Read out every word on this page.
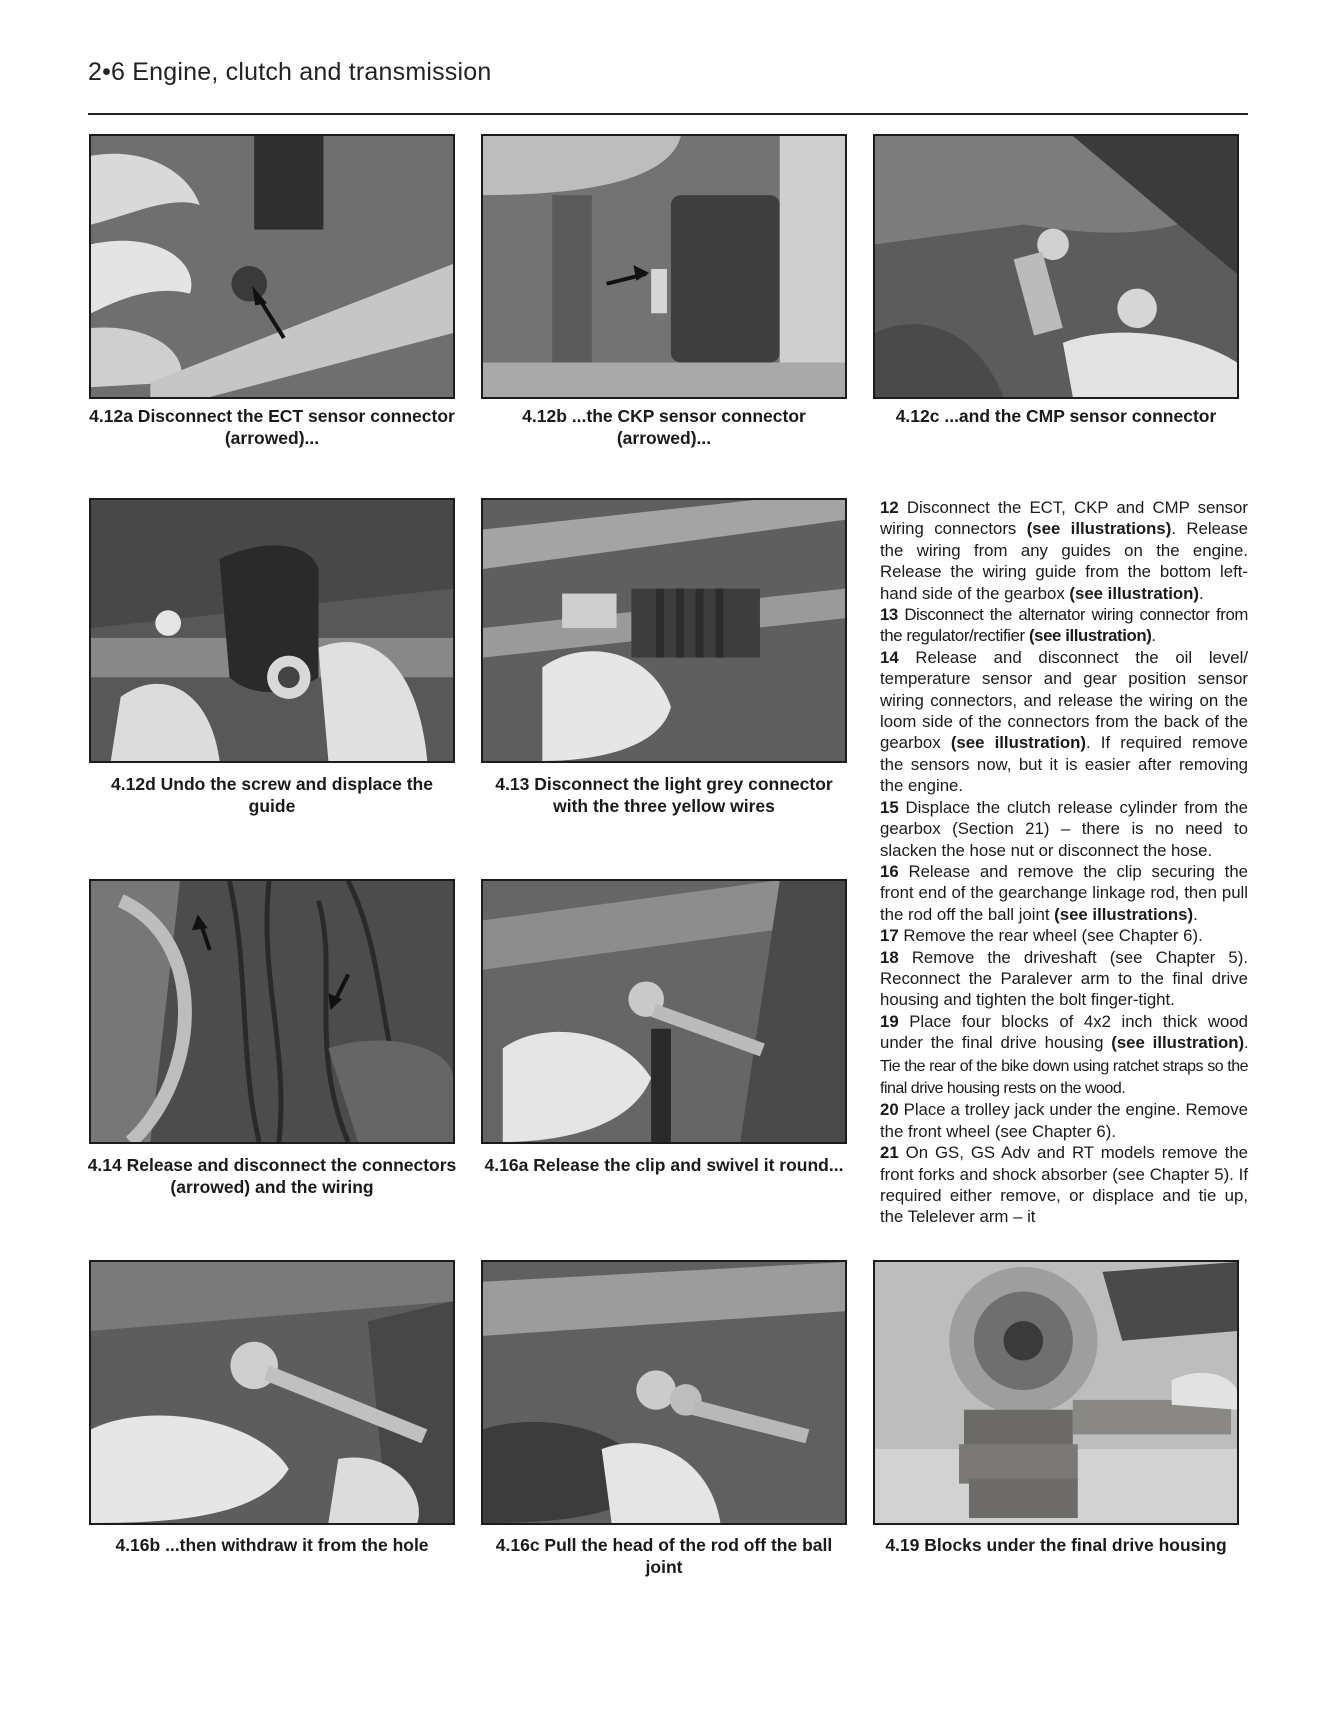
2•6 Engine, clutch and transmission
4.12a Disconnect the ECT sensor connector (arrowed)...
4.12b ...the CKP sensor connector (arrowed)...
4.12c ...and the CMP sensor connector
4.12d Undo the screw and displace the guide
4.13 Disconnect the light grey connector with the three yellow wires
4.14 Release and disconnect the connectors (arrowed) and the wiring
4.16a Release the clip and swivel it round...
4.16b ...then withdraw it from the hole	4.16c Pull the head of the rod off the ball joint
4.19 Blocks under the final drive housing

12 Disconnect the ECT, CKP and CMP sensor wiring connectors (see illustrations). Release the wiring from any guides on the engine. Release the wiring guide from the bottom left-hand side of the gearbox (see illustration).

13 Disconnect the alternator wiring connector from the regulator/rectifier (see illustration).

14 Release and disconnect the oil level/ temperature sensor and gear position sensor wiring connectors, and release the wiring on the loom side of the connectors from the back of the gearbox (see illustration). If required remove the sensors now, but it is easier after removing the engine.

15 Displace the clutch release cylinder from the gearbox (Section 21) – there is no need to slacken the hose nut or disconnect the hose.

16 Release and remove the clip securing the front end of the gearchange linkage rod, then pull the rod off the ball joint (see illustrations).

17 Remove the rear wheel (see Chapter 6).

18 Remove the driveshaft (see Chapter 5). Reconnect the Paralever arm to the final drive housing and tighten the bolt finger-tight.

19 Place four blocks of 4x2 inch thick wood under the final drive housing (see illustration). Tie the rear of the bike down using ratchet straps so the final drive housing rests on the wood.

20 Place a trolley jack under the engine. Remove the front wheel (see Chapter 6).

21 On GS, GS Adv and RT models remove the front forks and shock absorber (see Chapter 5). If required either remove, or displace and tie up, the Telelever arm – it
